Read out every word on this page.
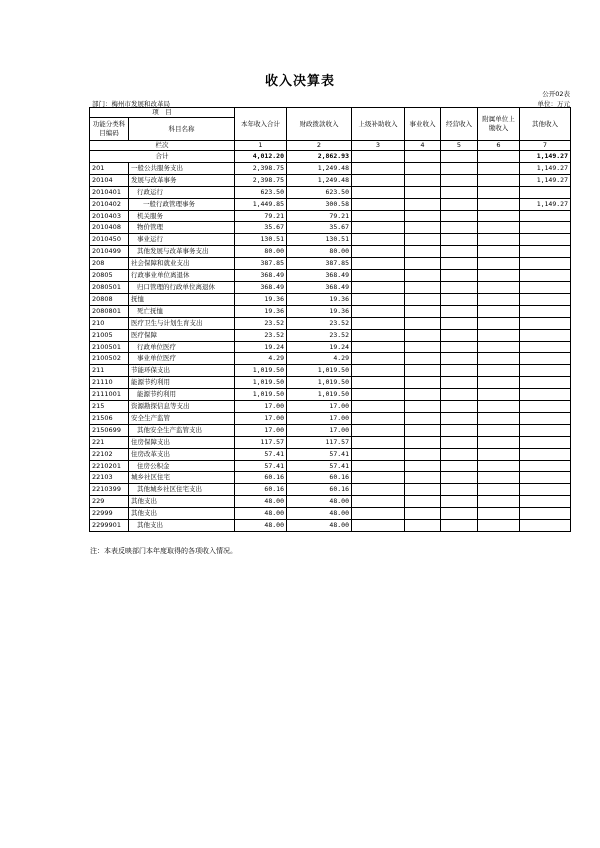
收入决算表
公开02表
部门：梅州市发展和改革局	单位：万元
项　目		本年收入合计	财政拨款收入	上级补助收入	事业收入	经营收入	附属单位上缴收入	其他收入
功能分类科目编码	科目名称							
栏次		1	2	3	4	5	6	7
合计		4,012.20	2,862.93					1,149.27
201	一般公共服务支出	2,398.75	1,249.48					1,149.27
20104	发展与改革事务	2,398.75	1,249.48					1,149.27
2010401	行政运行	623.50	623.50					
2010402	一般行政管理事务	1,449.85	300.58					1,149.27
2010403	机关服务	79.21	79.21					
2010408	物价管理	35.67	35.67					
2010450	事业运行	130.51	130.51					
2010499	其他发展与改革事务支出	80.00	80.00					
208	社会保障和就业支出	387.85	387.85					
20805	行政事业单位离退休	368.49	368.49					
2080501	归口管理的行政单位离退休	368.49	368.49					
20808	抚恤	19.36	19.36					
2080801	死亡抚恤	19.36	19.36					
210	医疗卫生与计划生育支出	23.52	23.52					
21005	医疗保障	23.52	23.52					
2100501	行政单位医疗	19.24	19.24					
2100502	事业单位医疗	4.29	4.29					
211	节能环保支出	1,019.50	1,019.50					
21110	能源节约利用	1,019.50	1,019.50					
2111001	能源节约利用	1,019.50	1,019.50					
215	资源勘探信息等支出	17.00	17.00					
21506	安全生产监管	17.00	17.00					
2150699	其他安全生产监管支出	17.00	17.00					
221	住房保障支出	117.57	117.57					
22102	住房改革支出	57.41	57.41					
2210201	住房公积金	57.41	57.41					
22103	城乡社区住宅	60.16	60.16					
2210399	其他城乡社区住宅支出	60.16	60.16					
229	其他支出	48.00	48.00					
22999	其他支出	48.00	48.00					
2299901	其他支出	48.00	48.00					
注：本表反映部门本年度取得的各项收入情况。
